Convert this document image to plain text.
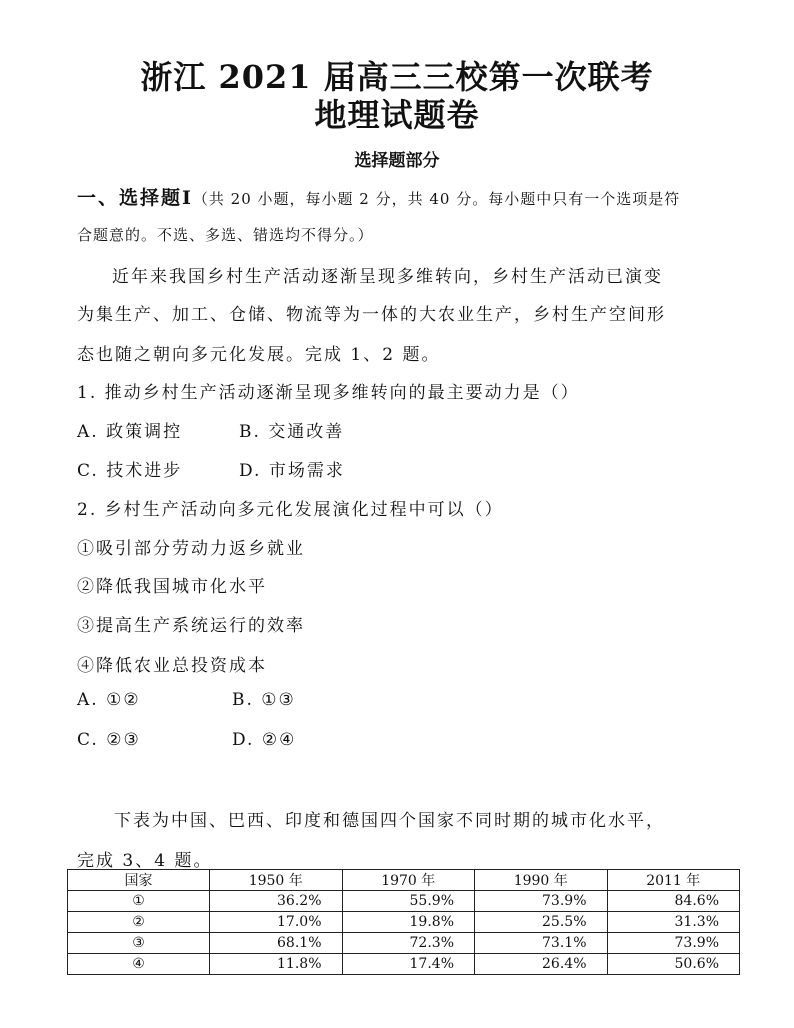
浙江 2021 届高三三校第一次联考
地理试题卷
选择题部分
一、选择题Ⅰ（共 20 小题，每小题 2 分，共 40 分。每小题中只有一个选项是符
合题意的。不选、多选、错选均不得分。）
近年来我国乡村生产活动逐渐呈现多维转向，乡村生产活动已演变
为集生产、加工、仓储、物流等为一体的大农业生产，乡村生产空间形
态也随之朝向多元化发展。完成 1、2 题。
1. 推动乡村生产活动逐渐呈现多维转向的最主要动力是（）
A. 政策调控	B. 交通改善
C. 技术进步	D. 市场需求
2. 乡村生产活动向多元化发展演化过程中可以（）
①吸引部分劳动力返乡就业
②降低我国城市化水平
③提高生产系统运行的效率
④降低农业总投资成本
A. ①②	B. ①③
C. ②③	D. ②④
下表为中国、巴西、印度和德国四个国家不同时期的城市化水平，
完成 3、4 题。
国家	1950 年	1970 年	1990 年	2011 年
①	36.2%	55.9%	73.9%	84.6%
②	17.0%	19.8%	25.5%	31.3%
③	68.1%	72.3%	73.1%	73.9%
④	11.8%	17.4%	26.4%	50.6%
